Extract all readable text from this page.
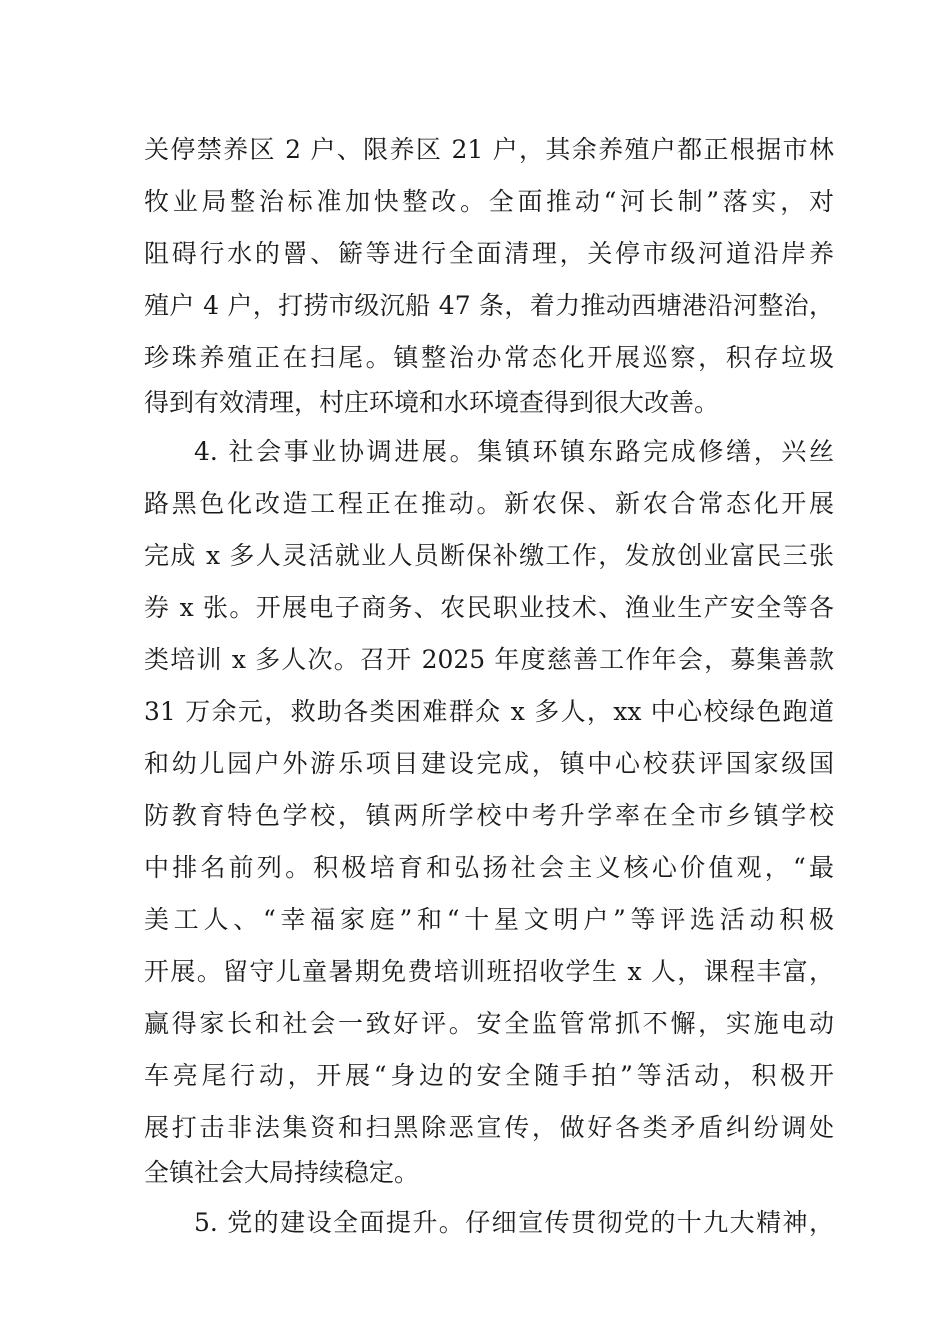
关停禁养区 2 户、限养区 21 户，其余养殖户都正根据市林
牧业局整治标准加快整改。全面推动“河长制”落实，对
阻碍行水的罾、簖等进行全面清理，关停市级河道沿岸养
殖户 4 户，打捞市级沉船 47 条，着力推动西塘港沿河整治，
珍珠养殖正在扫尾。镇整治办常态化开展巡察，积存垃圾
得到有效清理，村庄环境和水环境查得到很大改善。
4. 社会事业协调进展。集镇环镇东路完成修缮，兴丝
路黑色化改造工程正在推动。新农保、新农合常态化开展
完成 x 多人灵活就业人员断保补缴工作，发放创业富民三张
券 x 张。开展电子商务、农民职业技术、渔业生产安全等各
类培训 x 多人次。召开 2025 年度慈善工作年会，募集善款
31 万余元，救助各类困难群众 x 多人，xx 中心校绿色跑道
和幼儿园户外游乐项目建设完成，镇中心校获评国家级国
防教育特色学校，镇两所学校中考升学率在全市乡镇学校
中排名前列。积极培育和弘扬社会主义核心价值观，“最
美工人、“幸福家庭”和“十星文明户”等评选活动积极
开展。留守儿童暑期免费培训班招收学生 x 人，课程丰富，
赢得家长和社会一致好评。安全监管常抓不懈，实施电动
车亮尾行动，开展“身边的安全随手拍”等活动，积极开
展打击非法集资和扫黑除恶宣传，做好各类矛盾纠纷调处
全镇社会大局持续稳定。
5. 党的建设全面提升。仔细宣传贯彻党的十九大精神，
